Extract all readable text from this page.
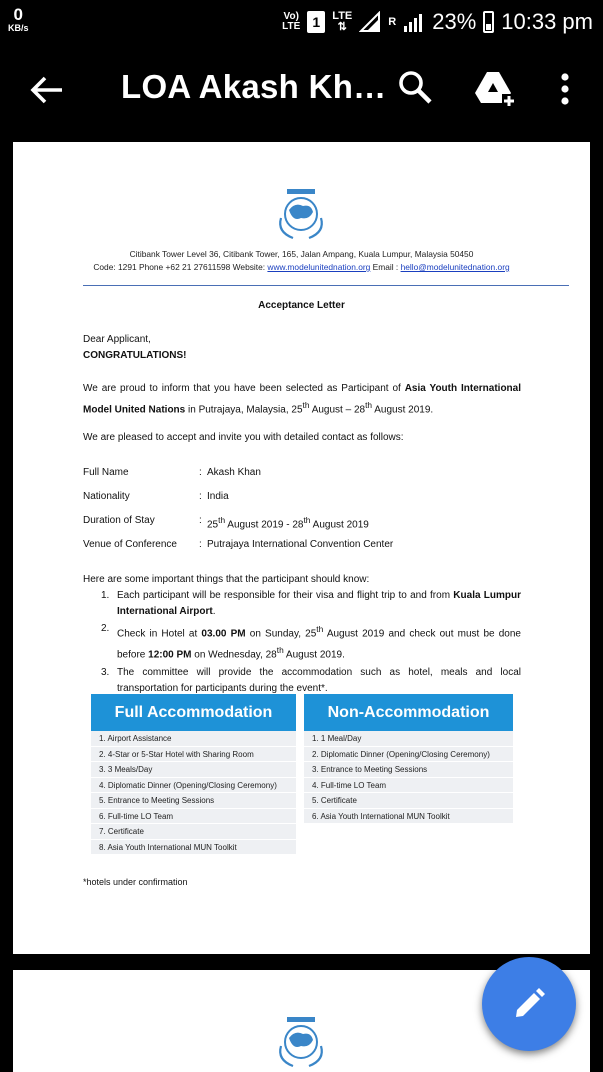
0
KB/s
Vo)
LTE 1	LTE
⇅	R 23% 10:33 pm
LOA Akash Kh…
Citibank Tower Level 36, Citibank Tower, 165, Jalan Ampang, Kuala Lumpur, Malaysia 50450
Code: 1291 Phone +62 21 27611598 Website: www.modelunitednation.org Email : hello@modelunitednation.org
Acceptance Letter
Dear Applicant,
CONGRATULATIONS!
We are proud to inform that you have been selected as Participant of Asia Youth International Model United Nations in Putrajaya, Malaysia, 25th August – 28th August 2019.
We are pleased to accept and invite you with detailed contact as follows:
Full Name	: Akash Khan
Nationality	: India
Duration of Stay	: 25th August 2019 - 28th August 2019
Venue of Conference	: Putrajaya International Convention Center
Here are some important things that the participant should know:
1. Each participant will be responsible for their visa and flight trip to and from Kuala Lumpur International Airport.
2. Check in Hotel at 03.00 PM on Sunday, 25th August 2019 and check out must be done before 12:00 PM on Wednesday, 28th August 2019.
3. The committee will provide the accommodation such as hotel, meals and local transportation for participants during the event*.
Full Accommodation
1. Airport Assistance
2. 4-Star or 5-Star Hotel with Sharing Room
3. 3 Meals/Day
4. Diplomatic Dinner (Opening/Closing Ceremony)
5. Entrance to Meeting Sessions
6. Full-time LO Team
7. Certificate
8. Asia Youth International MUN Toolkit
Non-Accommodation
1. 1 Meal/Day
2. Diplomatic Dinner (Opening/Closing Ceremony)
3. Entrance to Meeting Sessions
4. Full-time LO Team
5. Certificate
6. Asia Youth International MUN Toolkit
*hotels under confirmation
